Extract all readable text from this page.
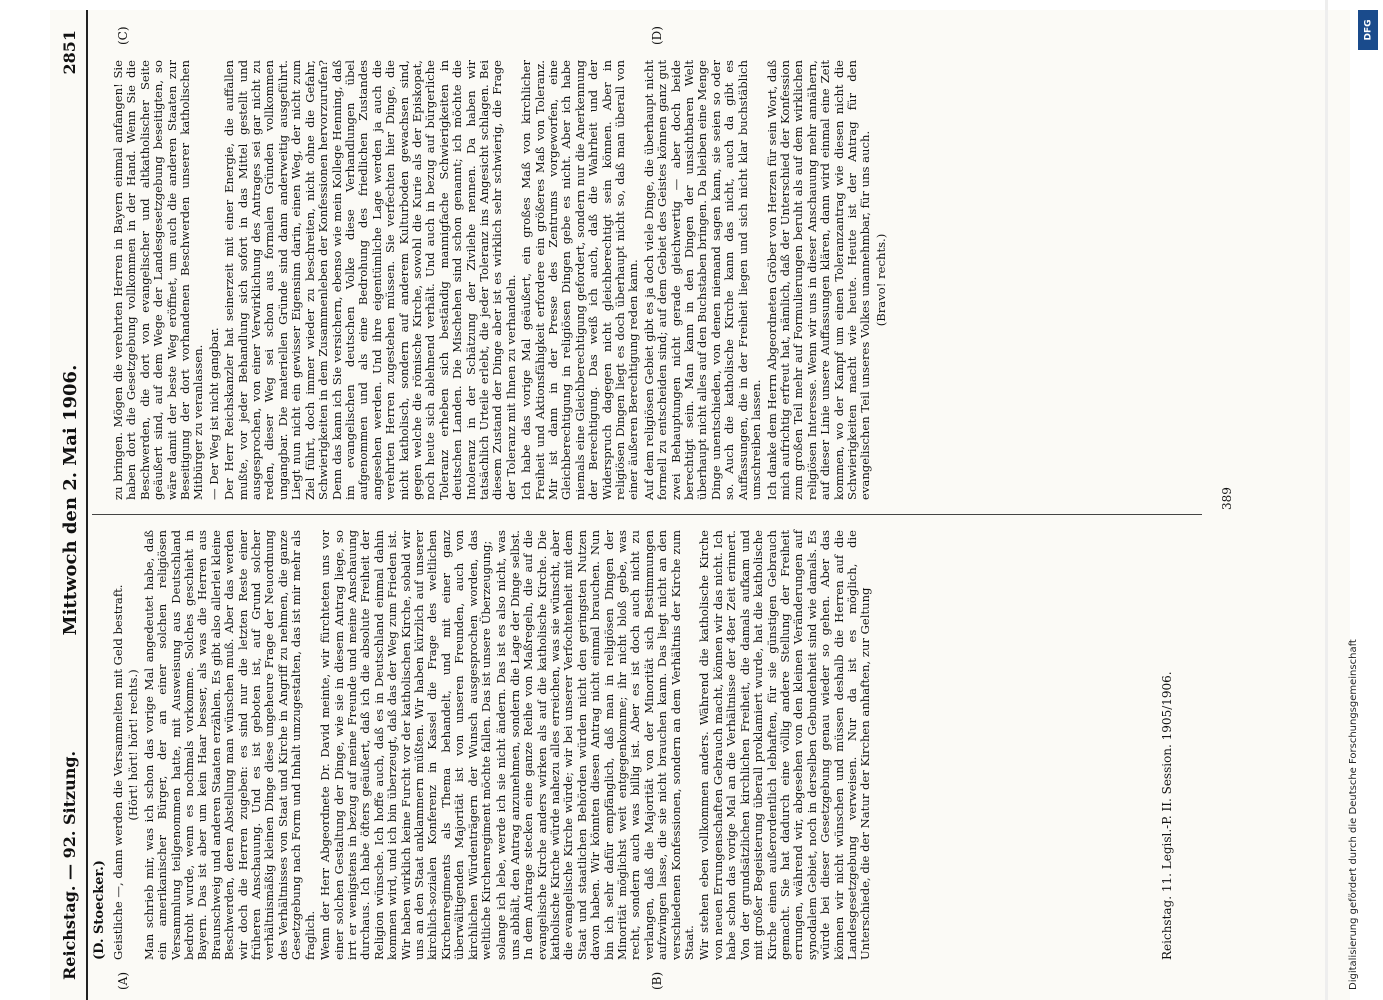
Reichstag. — 92. Sitzung.
Mittwoch den 2. Mai 1906.
2851
(D. Stoecker.)
(A)	(B)
(C)	(D)

Geistliche —, dann werden die Versammelten mit Geld bestraft. (Hört! hört! hört! rechts.) Man schrieb mir, was ich schon das vorige Mal angedeutet habe, daß ein amerikanischer Bürger, der an einer solchen religiösen Versammlung teilgenommen hatte, mit Ausweisung aus Deutschland bedroht wurde, wenn es nochmals vorkomme. Solches geschieht in Bayern. Das ist aber um kein Haar besser, als was die Herren aus Braunschweig und anderen Staaten erzählen. Es gibt also allerlei kleine Beschwerden, deren Abstellung man wünschen muß. Aber das werden wir doch die Herren zugeben: es sind nur die letzten Reste einer früheren Anschauung. Und es ist geboten ist, auf Grund solcher verhältnismäßig kleinen Dinge diese ungeheure Frage der Neuordnung des Verhältnisses von Staat und Kirche in Angriff zu nehmen, die ganze Gesetzgebung nach Form und Inhalt umzugestalten, das ist mir mehr als fraglich. Wenn der Herr Abgeordnete Dr. David meinte, wir fürchteten uns vor einer solchen Gestaltung der Dinge, wie sie in diesem Antrag liege, so irrt er wenigstens in bezug auf meine Freunde und meine Anschauung durchaus. Ich habe öfters geäußert, daß ich die absolute Freiheit der Religion wünsche. Ich hoffe auch, daß es in Deutschland einmal dahin kommen wird, und ich bin überzeugt, daß das der Weg zum Frieden ist. Wir haben wirklich keine Furcht vor der katholischen Kirche, sobald wir uns an den Staat anklammern müßten. Wir haben kürzlich auf unserer kirchlich-sozialen Konferenz in Kassel die Frage des weltlichen Kirchenregiments als Thema behandelt, und mit einer ganz überwältigenden Majorität ist von unseren Freunden, auch von kirchlichen Würdenträgern der Wunsch ausgesprochen worden, das weltliche Kirchenregiment möchte fallen. Das ist unsere Überzeugung; solange ich lebe, werde ich sie nicht ändern. Das ist es also nicht, was uns abhält, den Antrag anzunehmen, sondern die Lage der Dinge selbst. In dem Antrage stecken eine ganze Reihe von Maßregeln, die auf die evangelische Kirche anders wirken als auf die katholische Kirche. Die katholische Kirche würde nahezu alles erreichen, was sie wünscht, aber die evangelische Kirche würde; wir bei unserer Verfochtenheit mit dem Staat und staatlichen Behörden würden nicht den geringsten Nutzen davon haben. Wir könnten diesen Antrag nicht einmal brauchen. Nun bin ich sehr dafür empfänglich, daß man in religiösen Dingen der Minorität möglichst weit entgegenkomme; ihr nicht bloß gebe, was recht, sondern auch was billig ist. Aber es ist doch auch nicht zu verlangen, daß die Majorität von der Minorität sich Bestimmungen aufzwingen lasse, die sie nicht brauchen kann. Das liegt nicht an den verschiedenen Konfessionen, sondern an dem Verhältnis der Kirche zum Staat. Wir stehen eben vollkommen anders. Während die katholische Kirche von neuen Errungenschaften Gebrauch macht, können wir das nicht. Ich habe schon das vorige Mal an die Verhältnisse der 48er Zeit erinnert. Von der grundsätzlichen kirchlichen Freiheit, die damals aufkam und mit großer Begeisterung überall proklamiert wurde, hat die katholische Kirche einen außerordentlich lebhaften, für sie günstigen Gebrauch gemacht. Sie hat dadurch eine völlig andere Stellung der Freiheit errungen, während wir, abgesehen von den kleinen Veränderungen auf synodalem Gebiet, noch in derselben Gebundenheit sind wie damals. Es würde bei dieser Gesetzgebung genau wieder so gehen. Aber das können wir nicht wünschen und müssen deshalb die Herren auf die Landesgesetzgebung verweisen. Nur da ist es möglich, die Unterschiede, die der Natur der Kirchen anhaften, zur Geltung

zu bringen. Mögen die verehrten Herren in Bayern einmal anfangen! Sie haben dort die Gesetzgebung vollkommen in der Hand. Wenn Sie die Beschwerden, die dort von evangelischer und altkatholischer Seite geäußert sind, auf dem Wege der Landesgesetzgebung beseitigten, so wäre damit der beste Weg eröffnet, um auch die anderen Staaten zur Beseitigung der dort vorhandenen Beschwerden unserer katholischen Mitbürger zu veranlassen. — Der Weg ist nicht gangbar. Der Herr Reichskanzler hat seinerzeit mit einer Energie, die auffallen mußte, vor jeder Behandlung sich sofort in das Mittel gestellt und ausgesprochen, von einer Verwirklichung des Antrages sei gar nicht zu reden, dieser Weg sei schon aus formalen Gründen vollkommen ungangbar. Die materiellen Gründe sind dann anderweitig ausgeführt. Liegt nun nicht ein gewisser Eigensinn darin, einen Weg, der nicht zum Ziel führt, doch immer wieder zu beschreiten, nicht ohne die Gefahr, Schwierigkeiten in dem Zusammenleben der Konfessionen hervorzurufen? Denn das kann ich Sie versichern, ebenso wie mein Kollege Henning, daß im evangelischen deutschen Volke diese Verhandlungen übel aufgenommen und als eine Bedrohung des friedlichen Zustandes angesehen werden. Und ihre eigentümliche Lage werden ja auch die verehrten Herren zugestehen müssen. Sie verfechten hier Dinge, die nicht katholisch, sondern auf anderem Kulturboden gewachsen sind, gegen welche die römische Kirche, sowohl die Kurie als der Episkopat, noch heute sich ablehnend verhält. Und auch in bezug auf bürgerliche Toleranz erheben sich beständig mannigfache Schwierigkeiten in deutschen Landen. Die Mischehen sind schon genannt; ich möchte die Intoleranz in der Schätzung der Zivilehe nennen. Da haben wir tatsächlich Urteile erlebt, die jeder Toleranz ins Angesicht schlagen. Bei diesem Zustand der Dinge aber ist es wirklich sehr schwierig, die Frage der Toleranz mit Ihnen zu verhandeln. Ich habe das vorige Mal geäußert, ein großes Maß von kirchlicher Freiheit und Aktionsfähigkeit erfordere ein größeres Maß von Toleranz. Mir ist dann in der Presse des Zentrums vorgeworfen, eine Gleichberechtigung in religiösen Dingen gebe es nicht. Aber ich habe niemals eine Gleichberechtigung gefordert, sondern nur die Anerkennung der Berechtigung. Das weiß ich auch, daß die Wahrheit und der Widerspruch dagegen nicht gleichberechtigt sein können. Aber in religiösen Dingen liegt es doch überhaupt nicht so, daß man überall von einer äußeren Berechtigung reden kann. Auf dem religiösen Gebiet gibt es ja doch viele Dinge, die überhaupt nicht formell zu entscheiden sind; auf dem Gebiet des Geistes können ganz gut zwei Behauptungen nicht gerade gleichwertig — aber doch beide berechtigt sein. Man kann in den Dingen der unsichtbaren Welt überhaupt nicht alles auf den Buchstaben bringen. Da bleiben eine Menge Dinge unentschieden, von denen niemand sagen kann, sie seien so oder so. Auch die katholische Kirche kann das nicht, auch da gibt es Auffassungen, die in der Freiheit liegen und sich nicht klar buchstäblich umschreiben lassen. Ich danke dem Herrn Abgeordneten Gröber von Herzen für sein Wort, daß mich aufrichtig erfreut hat, nämlich, daß der Unterschied der Konfession zum großen Teil mehr auf Formulierungen beruht als auf dem wirklichen religiösen Interesse. Wenn wir uns in dieser Anschauung mehr annähern, auf dieser Linie unsere Auffassungen klären, dann wird einmal eine Zeit kommen, wo der Kampf um einen Toleranzantrag wie diesen nicht die Schwierigkeiten macht wie heute. Heute ist der Antrag für den evangelischen Teil unseres Volkes unannehmbar, für uns auch. (Bravo! rechts.)

Reichstag. 11. Legisl.-P. II. Session. 1905/1906.
389
Digitalisierung gefördert durch die Deutsche Forschungsgemeinschaft
DFG
